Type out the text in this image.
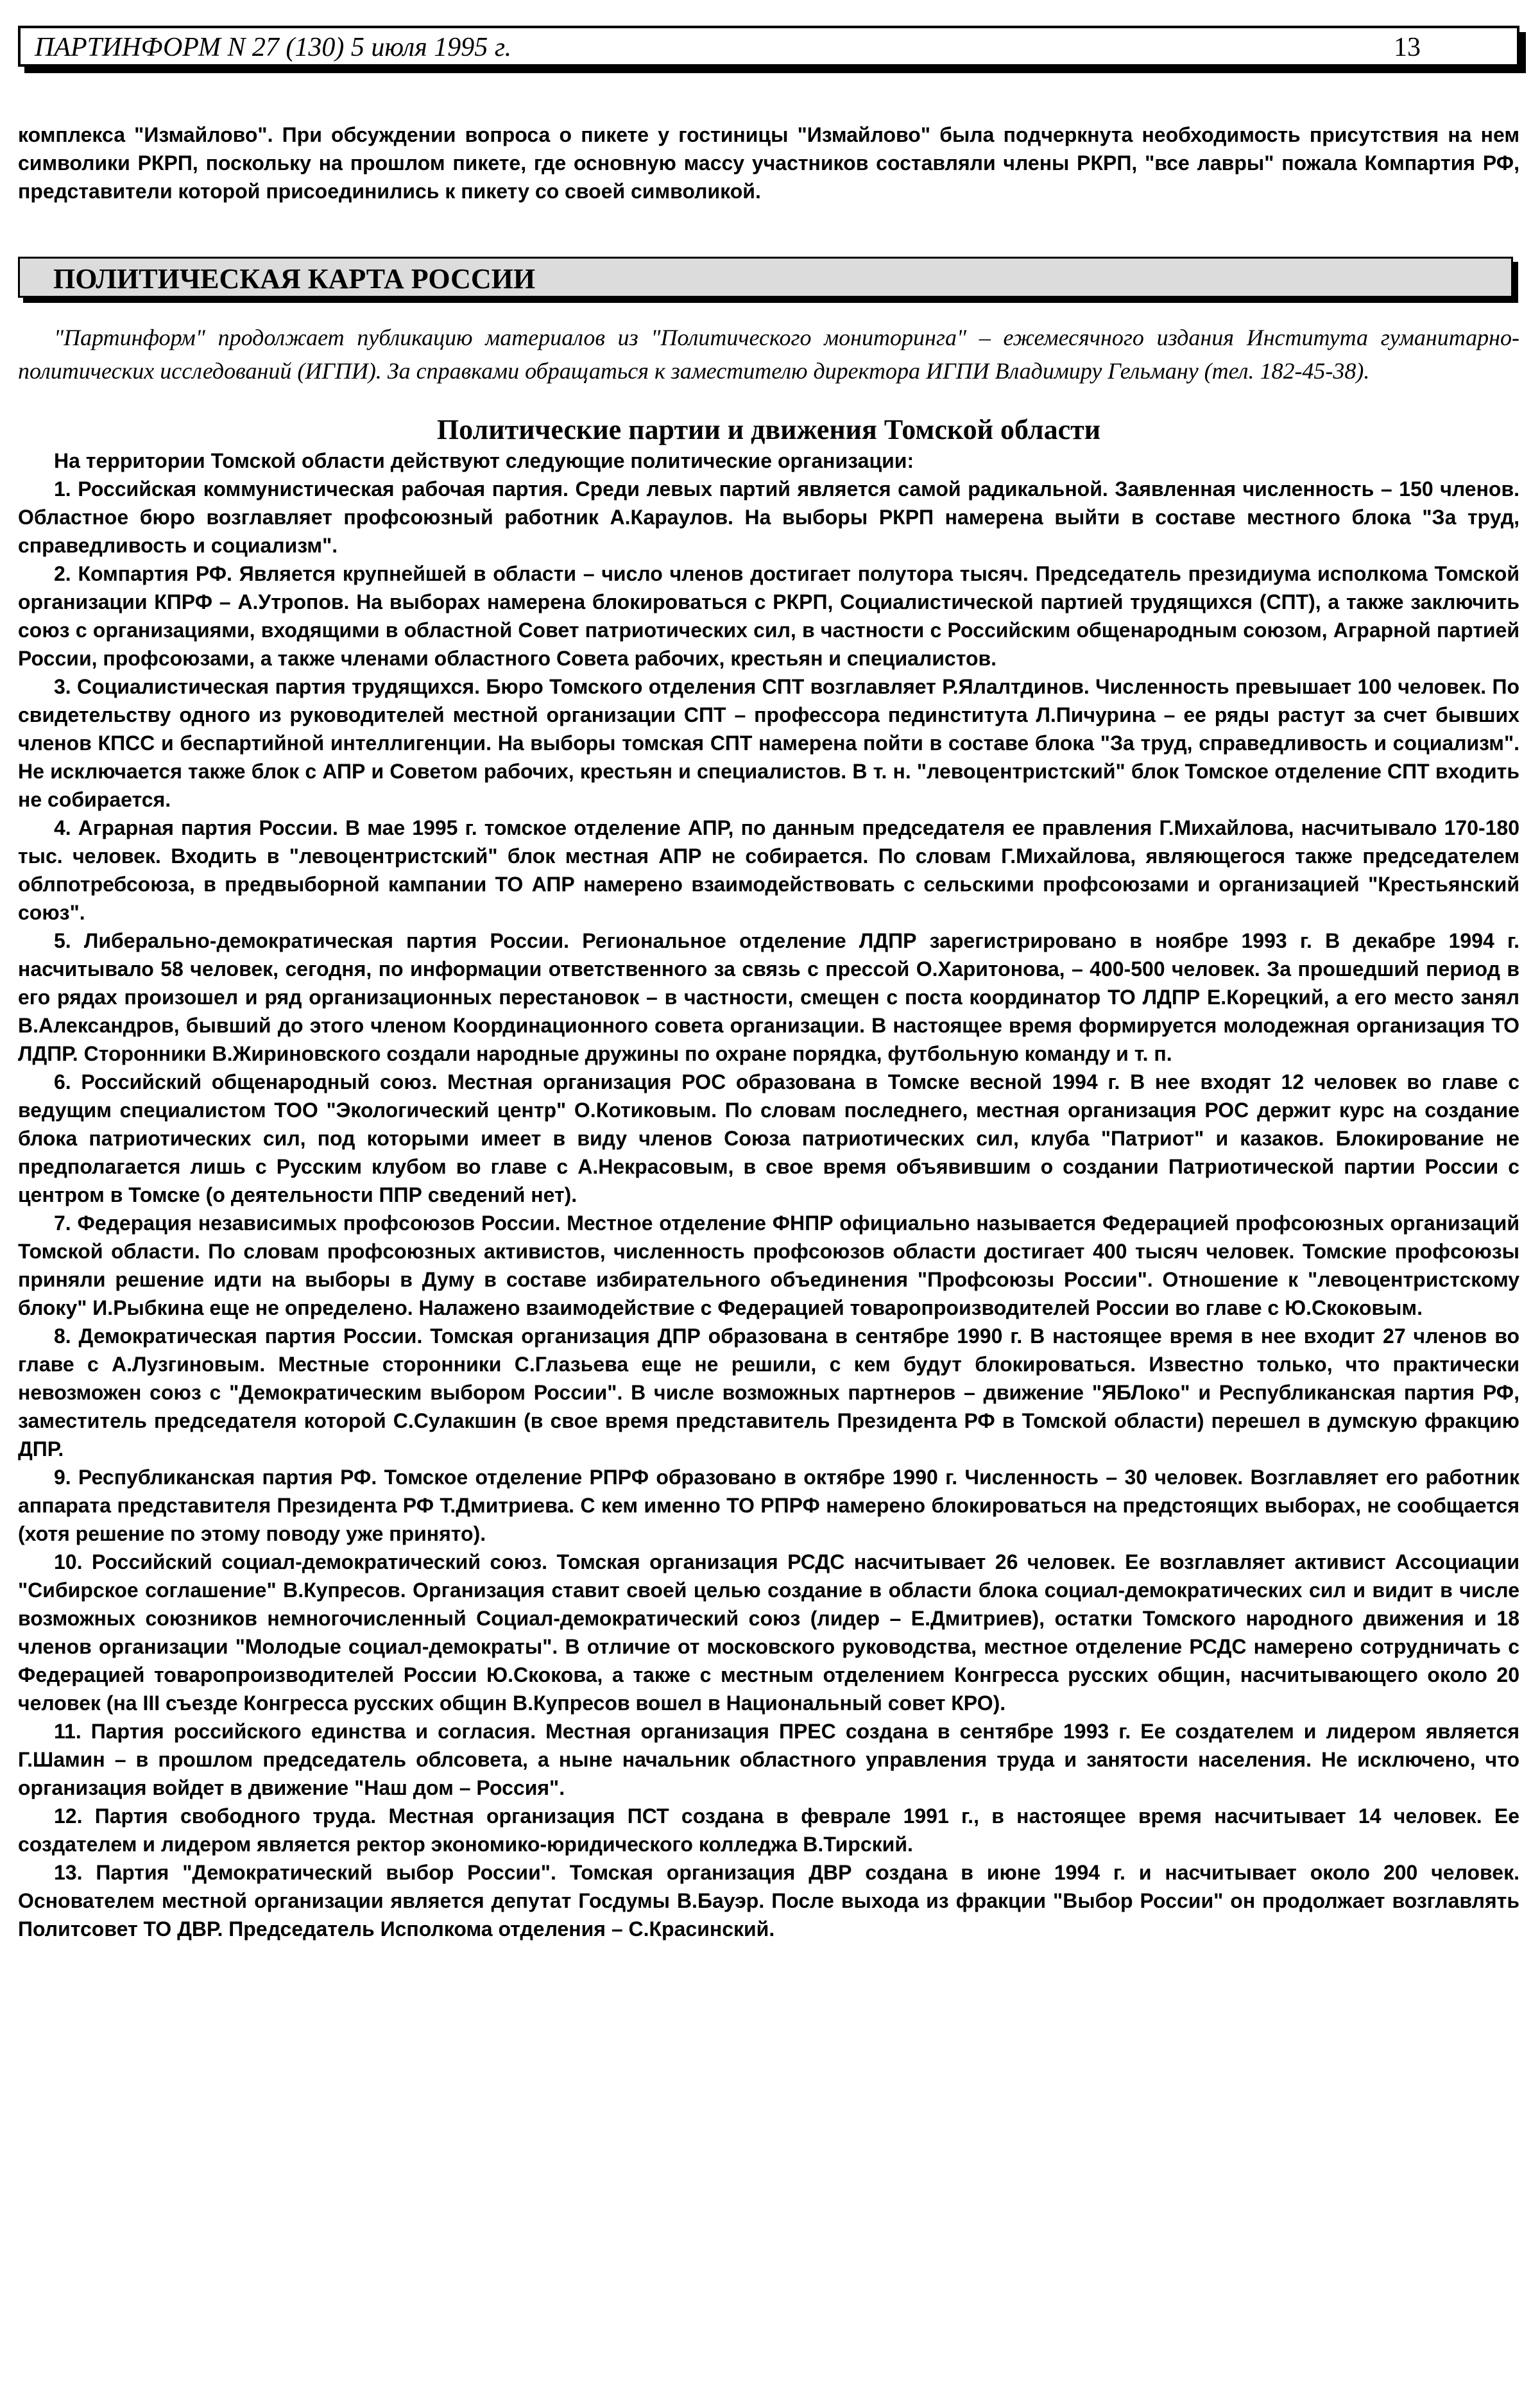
ПАРТИНФОРМ N 27 (130) 5 июля 1995 г.	13

комплекса "Измайлово". При обсуждении вопроса о пикете у гостиницы "Измайлово" была подчеркнута необходимость присутствия на нем символики РКРП, поскольку на прошлом пикете, где основную массу участников составляли члены РКРП, "все лавры" пожала Компартия РФ, представители которой присоединились к пикету со своей символикой.

ПОЛИТИЧЕСКАЯ КАРТА РОССИИ

"Партинформ" продолжает публикацию материалов из "Политического мониторинга" – ежемесячного издания Института гуманитарно-политических исследований (ИГПИ). За справками обращаться к заместителю директора ИГПИ Владимиру Гельману (тел. 182-45-38).

Политические партии и движения Томской области

На территории Томской области действуют следующие политические организации:

1. Российская коммунистическая рабочая партия. Среди левых партий является самой радикальной. Заявленная численность – 150 членов. Областное бюро возглавляет профсоюзный работник А.Караулов. На выборы РКРП намерена выйти в составе местного блока "За труд, справедливость и социализм".

2. Компартия РФ. Является крупнейшей в области – число членов достигает полутора тысяч. Председатель президиума исполкома Томской организации КПРФ – А.Утропов. На выборах намерена блокироваться с РКРП, Социалистической партией трудящихся (СПТ), а также заключить союз с организациями, входящими в областной Совет патриотических сил, в частности с Российским общенародным союзом, Аграрной партией России, профсоюзами, а также членами областного Совета рабочих, крестьян и специалистов.

3. Социалистическая партия трудящихся. Бюро Томского отделения СПТ возглавляет Р.Ялалтдинов. Численность превышает 100 человек. По свидетельству одного из руководителей местной организации СПТ – профессора пединститута Л.Пичурина – ее ряды растут за счет бывших членов КПСС и беспартийной интеллигенции. На выборы томская СПТ намерена пойти в составе блока "За труд, справедливость и социализм". Не исключается также блок с АПР и Советом рабочих, крестьян и специалистов. В т. н. "левоцентристский" блок Томское отделение СПТ входить не собирается.

4. Аграрная партия России. В мае 1995 г. томское отделение АПР, по данным председателя ее правления Г.Михайлова, насчитывало 170-180 тыс. человек. Входить в "левоцентристский" блок местная АПР не собирается. По словам Г.Михайлова, являющегося также председателем облпотребсоюза, в предвыборной кампании ТО АПР намерено взаимодействовать с сельскими профсоюзами и организацией "Крестьянский союз".

5. Либерально-демократическая партия России. Региональное отделение ЛДПР зарегистрировано в ноябре 1993 г. В декабре 1994 г. насчитывало 58 человек, сегодня, по информации ответственного за связь с прессой О.Харитонова, – 400-500 человек. За прошедший период в его рядах произошел и ряд организационных перестановок – в частности, смещен с поста координатор ТО ЛДПР Е.Корецкий, а его место занял В.Александров, бывший до этого членом Координационного совета организации. В настоящее время формируется молодежная организация ТО ЛДПР. Сторонники В.Жириновского создали народные дружины по охране порядка, футбольную команду и т. п.

6. Российский общенародный союз. Местная организация РОС образована в Томске весной 1994 г. В нее входят 12 человек во главе с ведущим специалистом ТОО "Экологический центр" О.Котиковым. По словам последнего, местная организация РОС держит курс на создание блока патриотических сил, под которыми имеет в виду членов Союза патриотических сил, клуба "Патриот" и казаков. Блокирование не предполагается лишь с Русским клубом во главе с А.Некрасовым, в свое время объявившим о создании Патриотической партии России с центром в Томске (о деятельности ППР сведений нет).

7. Федерация независимых профсоюзов России. Местное отделение ФНПР официально называется Федерацией профсоюзных организаций Томской области. По словам профсоюзных активистов, численность профсоюзов области достигает 400 тысяч человек. Томские профсоюзы приняли решение идти на выборы в Думу в составе избирательного объединения "Профсоюзы России". Отношение к "левоцентристскому блоку" И.Рыбкина еще не определено. Налажено взаимодействие с Федерацией товаропроизводителей России во главе с Ю.Скоковым.

8. Демократическая партия России. Томская организация ДПР образована в сентябре 1990 г. В настоящее время в нее входит 27 членов во главе с А.Лузгиновым. Местные сторонники С.Глазьева еще не решили, с кем будут блокироваться. Известно только, что практически невозможен союз с "Демократическим выбором России". В числе возможных партнеров – движение "ЯБЛоко" и Республиканская партия РФ, заместитель председателя которой С.Сулакшин (в свое время представитель Президента РФ в Томской области) перешел в думскую фракцию ДПР.

9. Республиканская партия РФ. Томское отделение РПРФ образовано в октябре 1990 г. Численность – 30 человек. Возглавляет его работник аппарата представителя Президента РФ Т.Дмитриева. С кем именно ТО РПРФ намерено блокироваться на предстоящих выборах, не сообщается (хотя решение по этому поводу уже принято).

10. Российский социал-демократический союз. Томская организация РСДС насчитывает 26 человек. Ее возглавляет активист Ассоциации "Сибирское соглашение" В.Купресов. Организация ставит своей целью создание в области блока социал-демократических сил и видит в числе возможных союзников немногочисленный Социал-демократический союз (лидер – Е.Дмитриев), остатки Томского народного движения и 18 членов организации "Молодые социал-демократы". В отличие от московского руководства, местное отделение РСДС намерено сотрудничать с Федерацией товаропроизводителей России Ю.Скокова, а также с местным отделением Конгресса русских общин, насчитывающего около 20 человек (на III съезде Конгресса русских общин В.Купресов вошел в Национальный совет КРО).

11. Партия российского единства и согласия. Местная организация ПРЕС создана в сентябре 1993 г. Ее создателем и лидером является Г.Шамин – в прошлом председатель облсовета, а ныне начальник областного управления труда и занятости населения. Не исключено, что организация войдет в движение "Наш дом – Россия".

12. Партия свободного труда. Местная организация ПСТ создана в феврале 1991 г., в настоящее время насчитывает 14 человек. Ее создателем и лидером является ректор экономико-юридического колледжа В.Тирский.

13. Партия "Демократический выбор России". Томская организация ДВР создана в июне 1994 г. и насчитывает около 200 человек. Основателем местной организации является депутат Госдумы В.Бауэр. После выхода из фракции "Выбор России" он продолжает возглавлять Политсовет ТО ДВР. Председатель Исполкома отделения – С.Красинский.
